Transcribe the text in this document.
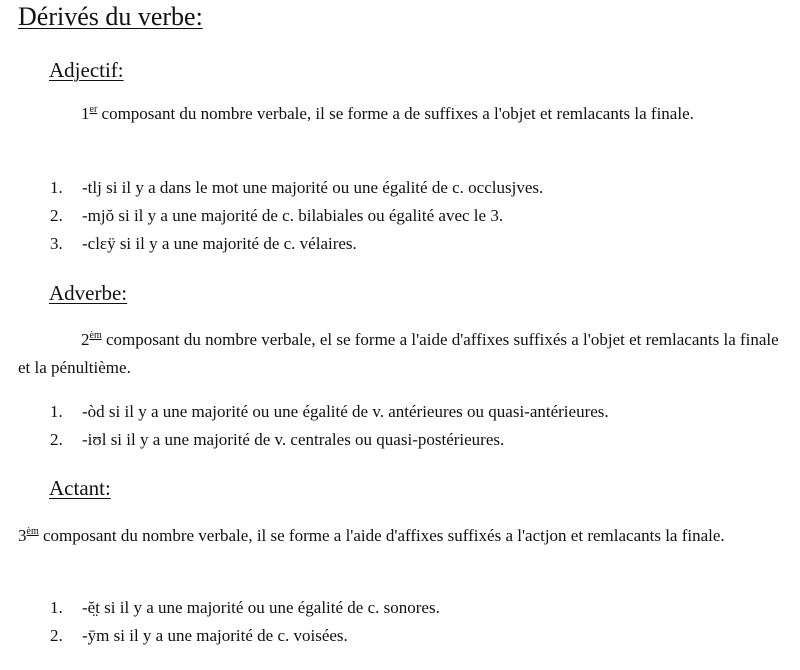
Dérivés du verbe:
Adjectif:

1er composant du nombre verbale, il se forme a de suffixes a l'objet et remlacants la finale.

1. -tlj si il y a dans le mot une majorité ou une égalité de c. occlusjves.
2. -mjŏ si il y a une majorité de c. bilabiales ou égalité avec le 3.
3. -clɛÿ si il y a une majorité de c. vélaires.
Adverbe:

$2^{èm}$ composant du nombre verbale, el se forme a l'aide d'affixes suffixés a l'objet et remlacants la finale et la pénultième.

1. -òd si il y a une majorité ou une égalité de v. antérieures ou quasi-antérieures.
2. -iʊl si il y a une majorité de v. centrales ou quasi-postérieures.
Actant:

$3^{èm}$ composant du nombre verbale, il se forme a l'aide d'affixes suffixés a l'actjon et remlacants la finale.

1. -ĕ̤t si il y a une majorité ou une égalité de c. sonores.
2. -ȳm si il y a une majorité de c. voisées.
